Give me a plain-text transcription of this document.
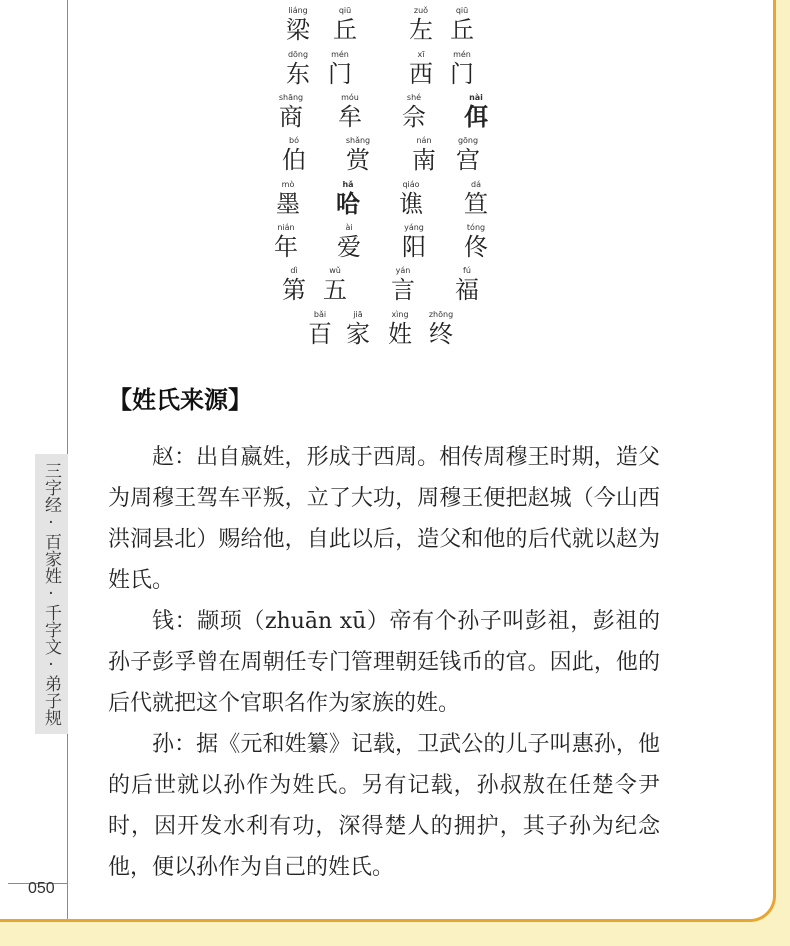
三字经·百家姓·千字文·弟子规
050
liáng
梁
qiū
丘
zuǒ
左
qiū
丘
dōng
东
mén
门
xī
西
mén
门
shāng
商
móu
牟
shé
佘
nài
佴
bó
伯
shǎng
赏
nán
南
gōng
宫
mò
墨
hǎ
哈
qiáo
谯
dá
笪
nián
年
ài
爱
yáng
阳
tóng
佟
dì
第
wǔ
五
yán
言
fú
福
bǎi
百
jiā
家
xìng
姓
zhōng
终
【姓氏来源】

赵：出自嬴姓，形成于西周。相传周穆王时期，造父为周穆王驾车平叛，立了大功，周穆王便把赵城（今山西洪洞县北）赐给他，自此以后，造父和他的后代就以赵为姓氏。

钱：颛顼（zhuān xū）帝有个孙子叫彭祖，彭祖的孙子彭孚曾在周朝任专门管理朝廷钱币的官。因此，他的后代就把这个官职名作为家族的姓。

孙：据《元和姓纂》记载，卫武公的儿子叫惠孙，他的后世就以孙作为姓氏。另有记载，孙叔敖在任楚令尹时，因开发水利有功，深得楚人的拥护，其子孙为纪念他，便以孙作为自己的姓氏。
